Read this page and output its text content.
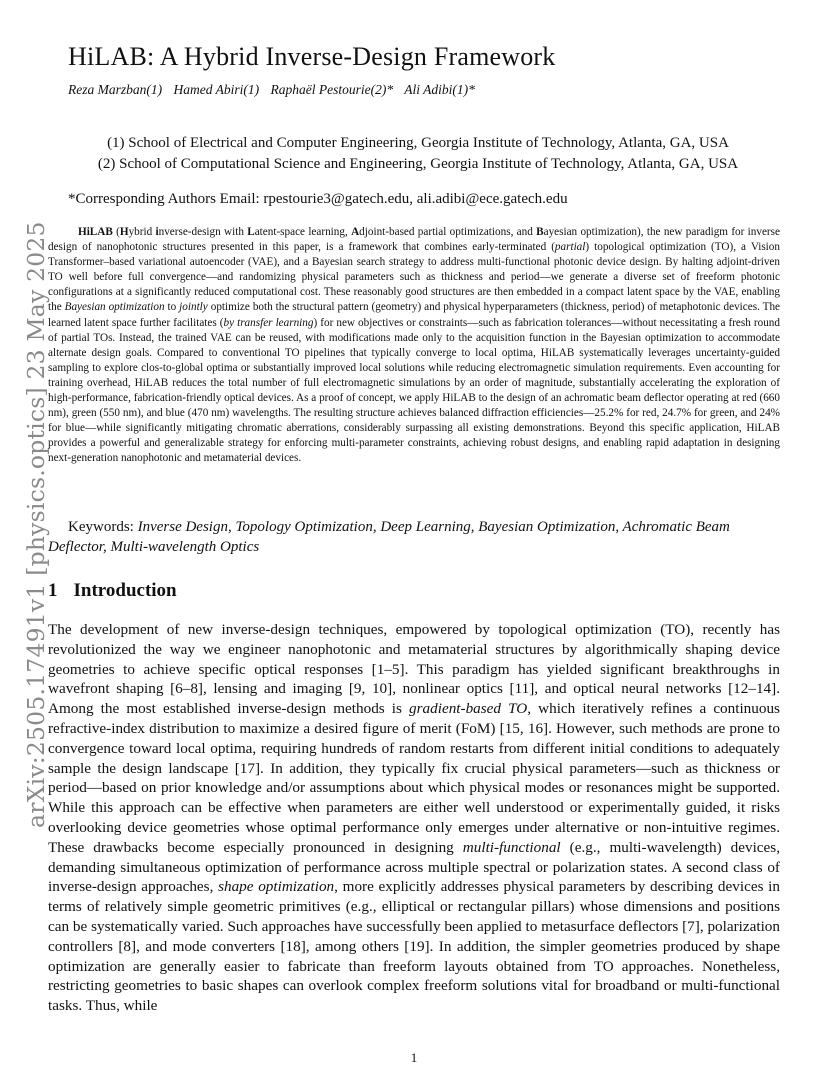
arXiv:2505.17491v1 [physics.optics] 23 May 2025
HiLAB: A Hybrid Inverse-Design Framework
Reza Marzban(1) Hamed Abiri(1) Raphaël Pestourie(2)* Ali Adibi(1)*
(1) School of Electrical and Computer Engineering, Georgia Institute of Technology, Atlanta, GA, USA
(2) School of Computational Science and Engineering, Georgia Institute of Technology, Atlanta, GA, USA
*Corresponding Authors Email: rpestourie3@gatech.edu, ali.adibi@ece.gatech.edu
HiLAB (Hybrid inverse-design with Latent-space learning, Adjoint-based partial optimizations, and Bayesian optimization), the new paradigm for inverse design of nanophotonic structures presented in this paper, is a framework that combines early-terminated (partial) topological optimization (TO), a Vision Transformer–based variational autoencoder (VAE), and a Bayesian search strategy to address multi-functional photonic device design. By halting adjoint-driven TO well before full convergence—and randomizing physical parameters such as thickness and period—we generate a diverse set of freeform photonic configurations at a significantly reduced computational cost. These reasonably good structures are then embedded in a compact latent space by the VAE, enabling the Bayesian optimization to jointly optimize both the structural pattern (geometry) and physical hyperparameters (thickness, period) of metaphotonic devices. The learned latent space further facilitates (by transfer learning) for new objectives or constraints—such as fabrication tolerances—without necessitating a fresh round of partial TOs. Instead, the trained VAE can be reused, with modifications made only to the acquisition function in the Bayesian optimization to accommodate alternate design goals. Compared to conventional TO pipelines that typically converge to local optima, HiLAB systematically leverages uncertainty-guided sampling to explore clos-to-global optima or substantially improved local solutions while reducing electromagnetic simulation requirements. Even accounting for training overhead, HiLAB reduces the total number of full electromagnetic simulations by an order of magnitude, substantially accelerating the exploration of high-performance, fabrication-friendly optical devices. As a proof of concept, we apply HiLAB to the design of an achromatic beam deflector operating at red (660 nm), green (550 nm), and blue (470 nm) wavelengths. The resulting structure achieves balanced diffraction efficiencies—25.2% for red, 24.7% for green, and 24% for blue—while significantly mitigating chromatic aberrations, considerably surpassing all existing demonstrations. Beyond this specific application, HiLAB provides a powerful and generalizable strategy for enforcing multi-parameter constraints, achieving robust designs, and enabling rapid adaptation in designing next-generation nanophotonic and metamaterial devices.
Keywords: Inverse Design, Topology Optimization, Deep Learning, Bayesian Optimization, Achromatic Beam Deflector, Multi-wavelength Optics
1 Introduction
The development of new inverse-design techniques, empowered by topological optimization (TO), recently has revolutionized the way we engineer nanophotonic and metamaterial structures by algorithmically shaping device geometries to achieve specific optical responses [1–5]. This paradigm has yielded significant breakthroughs in wavefront shaping [6–8], lensing and imaging [9, 10], nonlinear optics [11], and optical neural networks [12–14]. Among the most established inverse-design methods is gradient-based TO, which iteratively refines a continuous refractive-index distribution to maximize a desired figure of merit (FoM) [15, 16]. However, such methods are prone to convergence toward local optima, requiring hundreds of random restarts from different initial conditions to adequately sample the design landscape [17]. In addition, they typically fix crucial physical parameters—such as thickness or period—based on prior knowledge and/or assumptions about which physical modes or resonances might be supported. While this approach can be effective when parameters are either well understood or experimentally guided, it risks overlooking device geometries whose optimal performance only emerges under alternative or non-intuitive regimes. These drawbacks become especially pronounced in designing multi-functional (e.g., multi-wavelength) devices, demanding simultaneous optimization of performance across multiple spectral or polarization states. A second class of inverse-design approaches, shape optimization, more explicitly addresses physical parameters by describing devices in terms of relatively simple geometric primitives (e.g., elliptical or rectangular pillars) whose dimensions and positions can be systematically varied. Such approaches have successfully been applied to metasurface deflectors [7], polarization controllers [8], and mode converters [18], among others [19]. In addition, the simpler geometries produced by shape optimization are generally easier to fabricate than freeform layouts obtained from TO approaches. Nonetheless, restricting geometries to basic shapes can overlook complex freeform solutions vital for broadband or multi-functional tasks. Thus, while
1
